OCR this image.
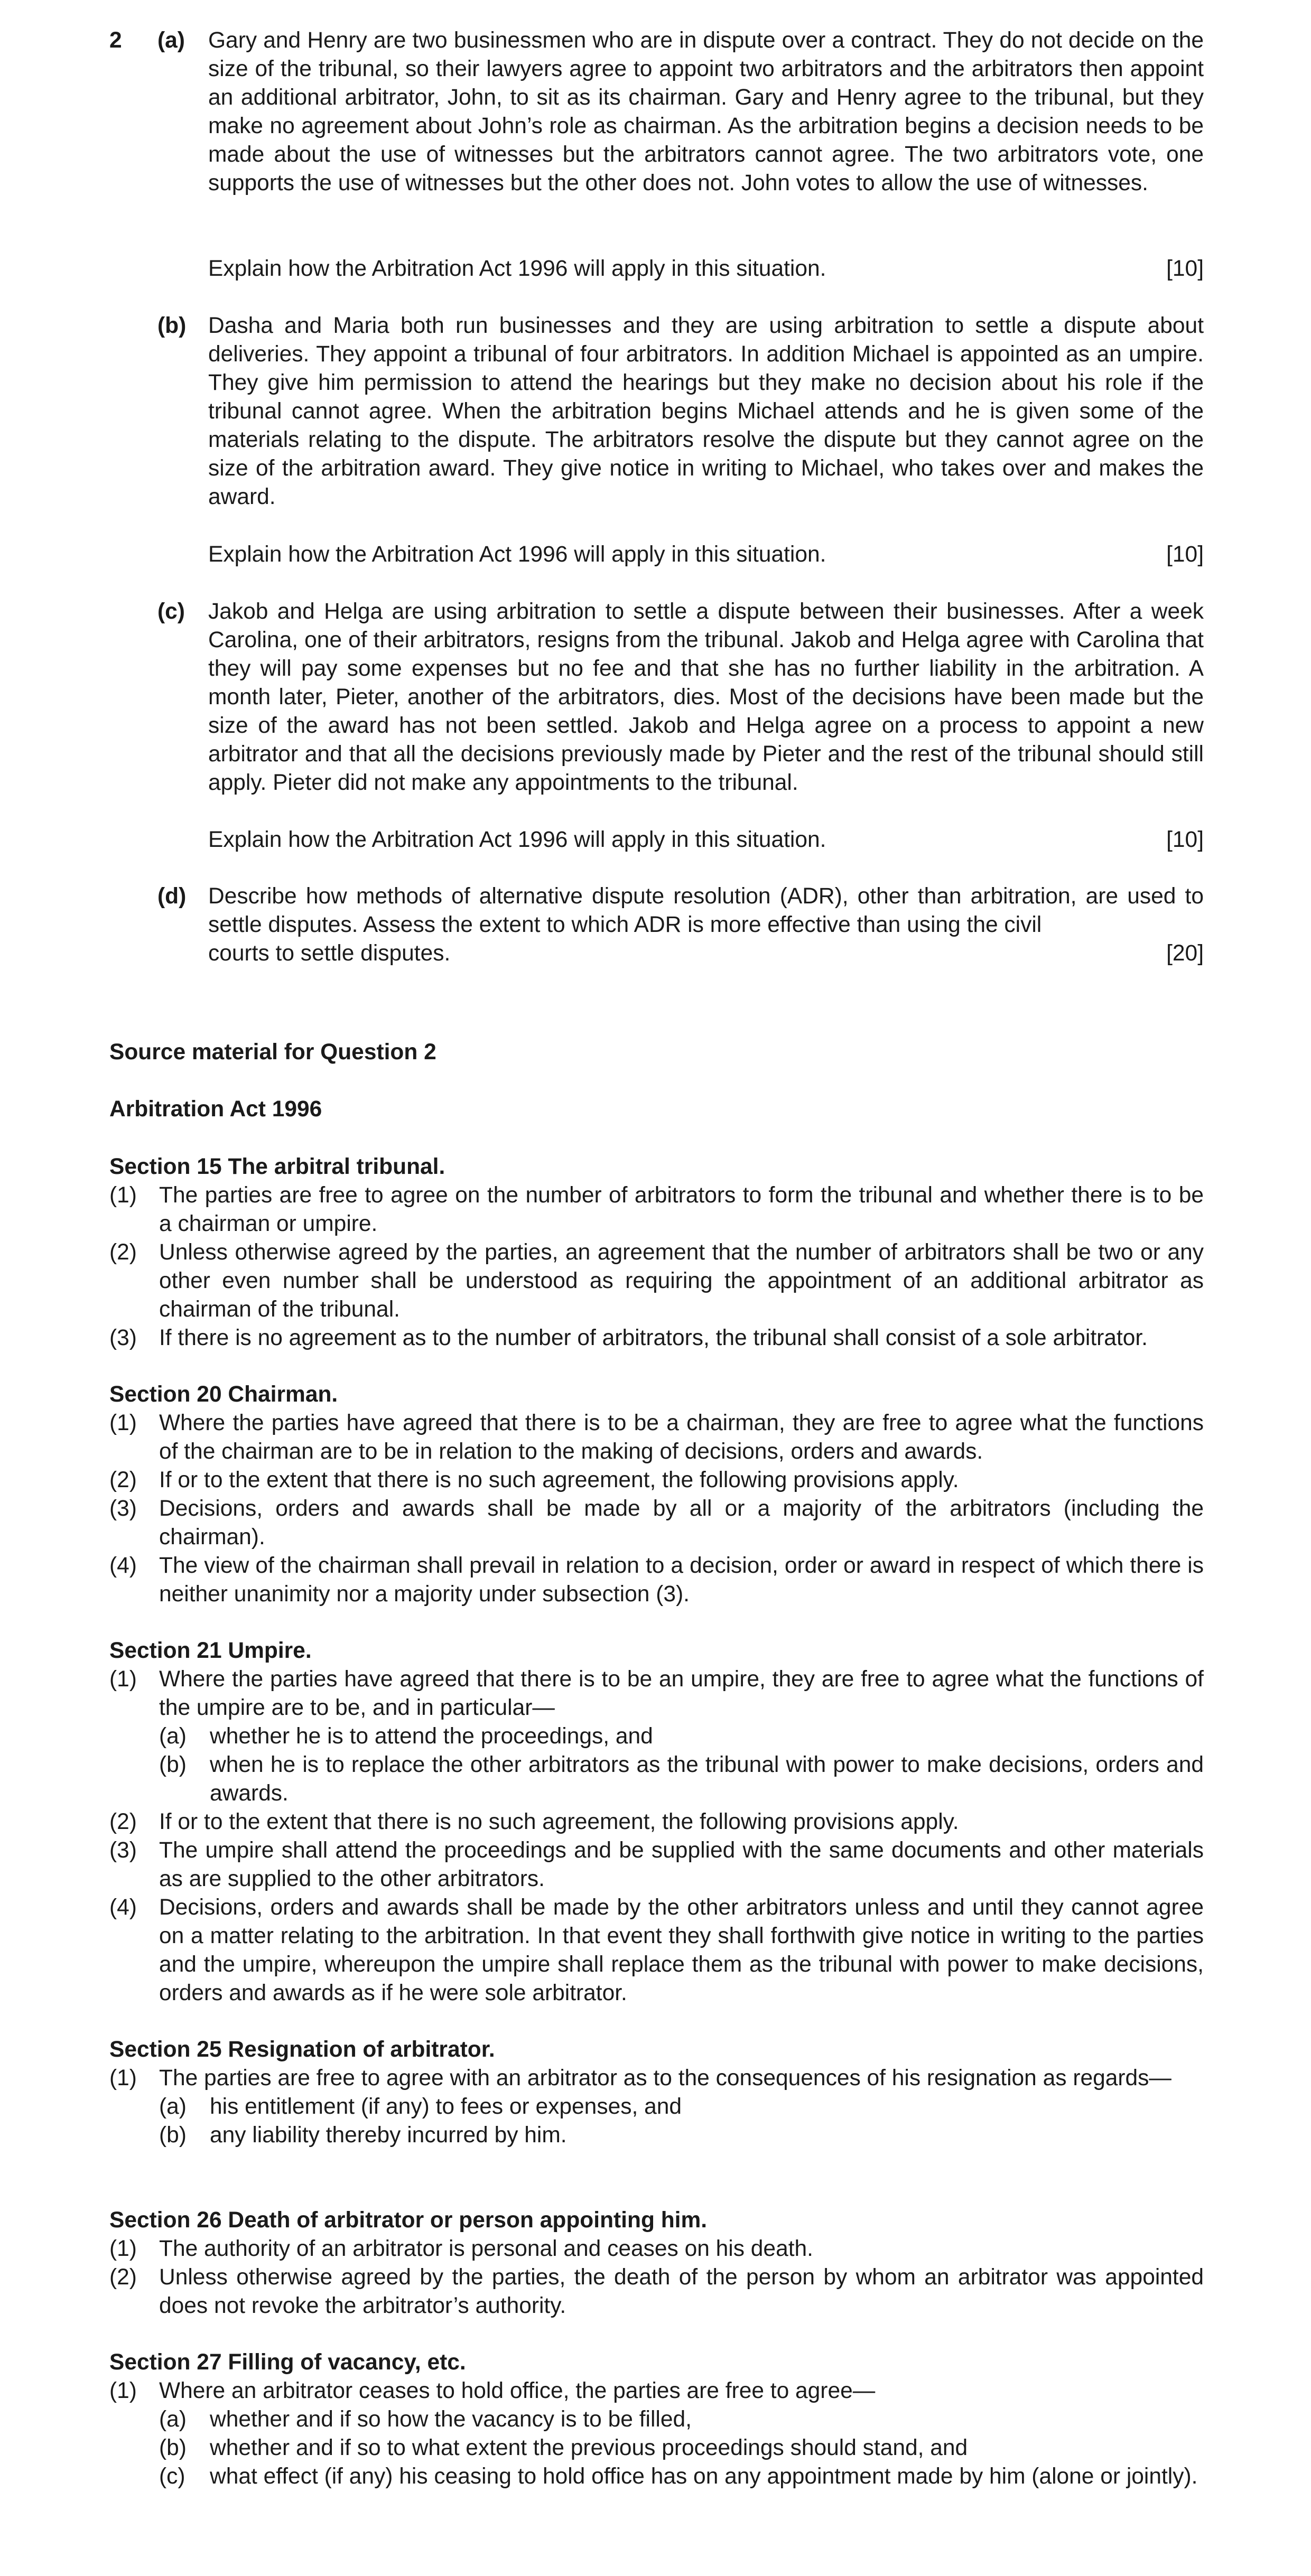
2 (a) Gary and Henry are two businessmen who are in dispute over a contract. They do not decide on the size of the tribunal, so their lawyers agree to appoint two arbitrators and the arbitrators then appoint an additional arbitrator, John, to sit as its chairman. Gary and Henry agree to the tribunal, but they make no agreement about John’s role as chairman. As the arbitration begins a decision needs to be made about the use of witnesses but the arbitrators cannot agree. The two arbitrators vote, one supports the use of witnesses but the other does not. John votes to allow the use of witnesses.
Explain how the Arbitration Act 1996 will apply in this situation.	[10]
(b) Dasha and Maria both run businesses and they are using arbitration to settle a dispute about deliveries. They appoint a tribunal of four arbitrators. In addition Michael is appointed as an umpire. They give him permission to attend the hearings but they make no decision about his role if the tribunal cannot agree. When the arbitration begins Michael attends and he is given some of the materials relating to the dispute. The arbitrators resolve the dispute but they cannot agree on the size of the arbitration award. They give notice in writing to Michael, who takes over and makes the award.
Explain how the Arbitration Act 1996 will apply in this situation.	[10]
(c) Jakob and Helga are using arbitration to settle a dispute between their businesses. After a week Carolina, one of their arbitrators, resigns from the tribunal. Jakob and Helga agree with Carolina that they will pay some expenses but no fee and that she has no further liability in the arbitration. A month later, Pieter, another of the arbitrators, dies. Most of the decisions have been made but the size of the award has not been settled. Jakob and Helga agree on a process to appoint a new arbitrator and that all the decisions previously made by Pieter and the rest of the tribunal should still apply. Pieter did not make any appointments to the tribunal.
Explain how the Arbitration Act 1996 will apply in this situation.	[10]
(d) Describe how methods of alternative dispute resolution (ADR), other than arbitration, are used to settle disputes. Assess the extent to which ADR is more effective than using the civil
courts to settle disputes.	[20]
Source material for Question 2
Arbitration Act 1996
Section 15 The arbitral tribunal.
(1) The parties are free to agree on the number of arbitrators to form the tribunal and whether there is to be a chairman or umpire.
(2) Unless otherwise agreed by the parties, an agreement that the number of arbitrators shall be two or any other even number shall be understood as requiring the appointment of an additional arbitrator as chairman of the tribunal.
(3) If there is no agreement as to the number of arbitrators, the tribunal shall consist of a sole arbitrator.
Section 20 Chairman.
(1) Where the parties have agreed that there is to be a chairman, they are free to agree what the functions of the chairman are to be in relation to the making of decisions, orders and awards.
(2) If or to the extent that there is no such agreement, the following provisions apply.
(3) Decisions, orders and awards shall be made by all or a majority of the arbitrators (including the chairman).
(4) The view of the chairman shall prevail in relation to a decision, order or award in respect of which there is neither unanimity nor a majority under subsection (3).
Section 21 Umpire.
(1) Where the parties have agreed that there is to be an umpire, they are free to agree what the functions of the umpire are to be, and in particular—
(a) whether he is to attend the proceedings, and
(b) when he is to replace the other arbitrators as the tribunal with power to make decisions, orders and awards.
(2) If or to the extent that there is no such agreement, the following provisions apply.
(3) The umpire shall attend the proceedings and be supplied with the same documents and other materials as are supplied to the other arbitrators.
(4) Decisions, orders and awards shall be made by the other arbitrators unless and until they cannot agree on a matter relating to the arbitration. In that event they shall forthwith give notice in writing to the parties and the umpire, whereupon the umpire shall replace them as the tribunal with power to make decisions, orders and awards as if he were sole arbitrator.
Section 25 Resignation of arbitrator.
(1) The parties are free to agree with an arbitrator as to the consequences of his resignation as regards—
(a) his entitlement (if any) to fees or expenses, and
(b) any liability thereby incurred by him.
Section 26 Death of arbitrator or person appointing him.
(1) The authority of an arbitrator is personal and ceases on his death.
(2) Unless otherwise agreed by the parties, the death of the person by whom an arbitrator was appointed does not revoke the arbitrator’s authority.
Section 27 Filling of vacancy, etc.
(1) Where an arbitrator ceases to hold office, the parties are free to agree—
(a) whether and if so how the vacancy is to be filled,
(b) whether and if so to what extent the previous proceedings should stand, and
(c) what effect (if any) his ceasing to hold office has on any appointment made by him (alone or jointly).
